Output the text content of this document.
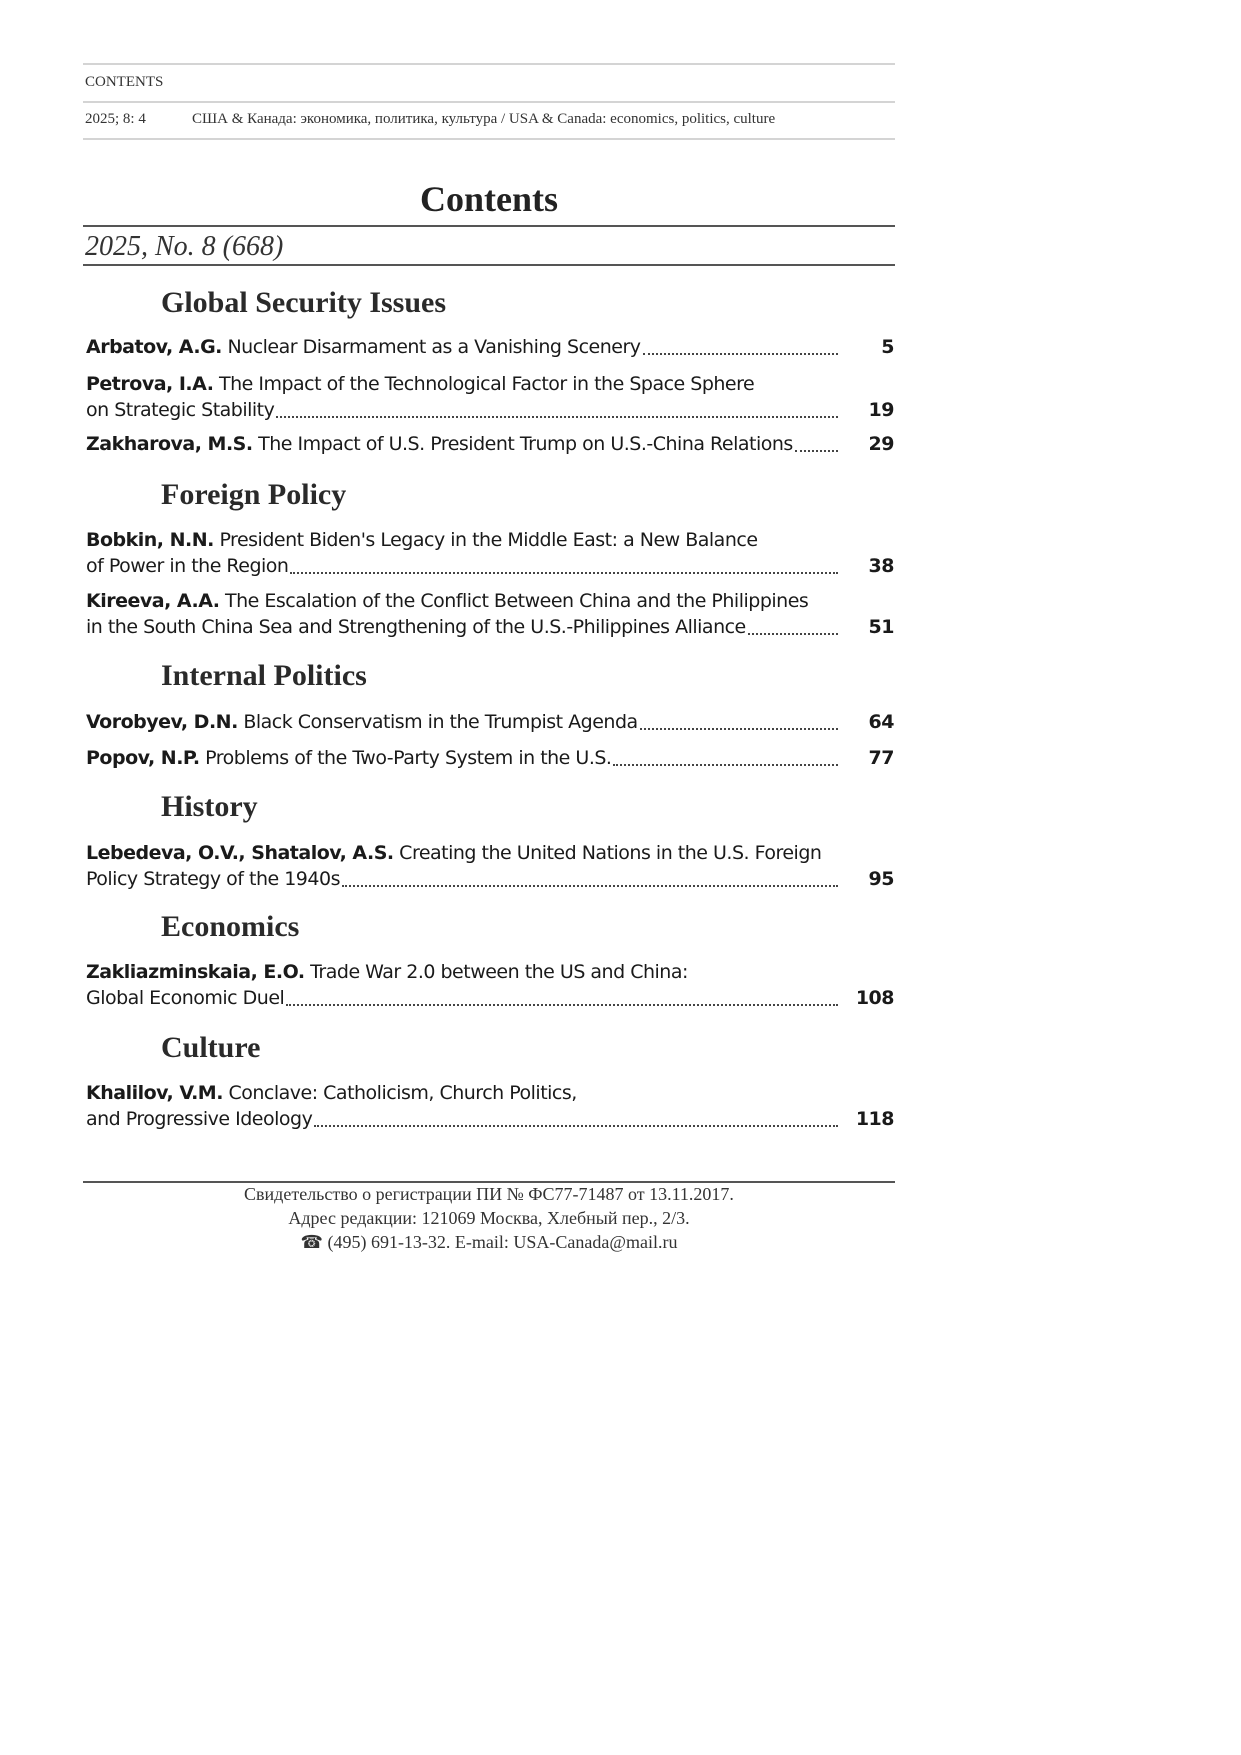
CONTENTS
2025; 8: 4	США & Канада: экономика, политика, культура / USA & Canada: economics, politics, culture
Contents
2025, No. 8 (668)
Global Security Issues
Arbatov, A.G.
Nuclear Disarmament as a Vanishing Scenery	5
Petrova, I.A.
The Impact of the Technological Factor in the Space Sphere
on Strategic Stability	19
Zakharova, M.S.
The Impact of U.S. President Trump on U.S.-China Relations	29
Foreign Policy
Bobkin, N.N.
President Biden's Legacy in the Middle East: a New Balance
of Power in the Region	38
Kireeva, A.A.
The Escalation of the Conflict Between China and the Philippines
in the South China Sea and Strengthening of the U.S.-Philippines Alliance	51
Internal Politics
Vorobyev, D.N.
Black Conservatism in the Trumpist Agenda	64
Popov, N.P.
Problems of the Two-Party System in the U.S.	77
History
Lebedeva, O.V., Shatalov, A.S.
Creating the United Nations in the U.S. Foreign
Policy Strategy of the 1940s	95
Economics
Zakliazminskaia, E.O.
Trade War 2.0 between the US and China:
Global Economic Duel	108
Culture
Khalilov, V.M.
Conclave: Catholicism, Church Politics,
and Progressive Ideology	118
Свидетельство о регистрации ПИ № ФС77-71487 от 13.11.2017.
Адрес редакции: 121069 Москва, Хлебный пер., 2/3.
☎ (495) 691-13-32. E-mail: USA-Canada@mail.ru
